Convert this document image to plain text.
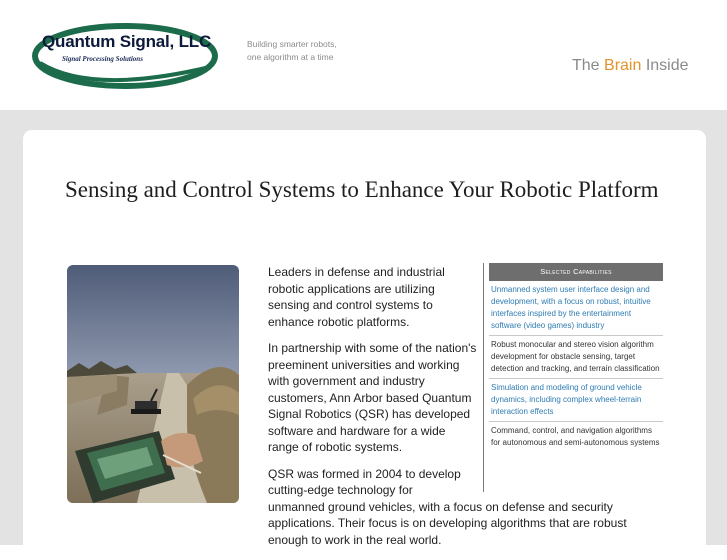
Quantum Signal, LLC
Signal Processing Solutions
Building smarter robots,
one algorithm at a time	The Brain Inside
Sensing and Control Systems to Enhance Your Robotic Platform

Leaders in defense and industrial robotic applications are utilizing sensing and control systems to enhance robotic platforms.

In partnership with some of the nation's preeminent universities and working with government and industry customers, Ann Arbor based Quantum Signal Robotics (QSR) has developed software and hardware for a wide range of robotic systems.

QSR was formed in 2004 to develop cutting-edge technology for

unmanned ground vehicles, with a focus on defense and security applications. Their focus is on developing algorithms that are robust enough to work in the real world.

Selected Capabilities
Unmanned system user interface design and development, with a focus on robust, intuitive interfaces inspired by the entertainment software (video games) industry
Robust monocular and stereo vision algorithm development for obstacle sensing, target detection and tracking, and terrain classification
Simulation and modeling of ground vehicle dynamics, including complex wheel-terrain interaction effects
Command, control, and navigation algorithms for autonomous and semi-autonomous systems
